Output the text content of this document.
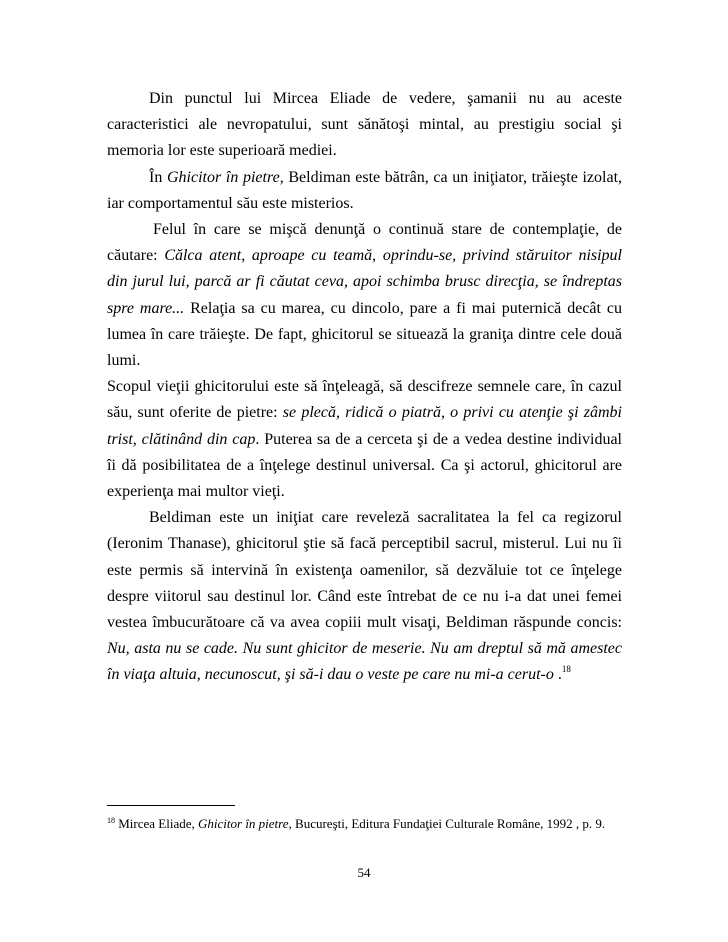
Din punctul lui Mircea Eliade de vedere, şamanii nu au aceste caracteristici ale nevropatului, sunt sănătoşi mintal, au prestigiu social şi memoria lor este superioară mediei.

În Ghicitor în pietre, Beldiman este bătrân, ca un iniţiator, trăieşte izolat, iar comportamentul său este misterios.

Felul în care se mişcă denunţă o continuă stare de contemplaţie, de căutare: Călca atent, aproape cu teamă, oprindu-se, privind stăruitor nisipul din jurul lui, parcă ar fi căutat ceva, apoi schimba brusc direcţia, se îndreptas spre mare... Relaţia sa cu marea, cu dincolo, pare a fi mai puternică decât cu lumea în care trăieşte. De fapt, ghicitorul se situează la graniţa dintre cele două lumi.

Scopul vieţii ghicitorului este să înţeleagă, să descifreze semnele care, în cazul său, sunt oferite de pietre: se plecă, ridică o piatră, o privi cu atenţie şi zâmbi trist, clătinând din cap. Puterea sa de a cerceta şi de a vedea destine individual îi dă posibilitatea de a înţelege destinul universal. Ca şi actorul, ghicitorul are experienţa mai multor vieţi.

Beldiman este un iniţiat care reveleză sacralitatea la fel ca regizorul (Ieronim Thanase), ghicitorul ştie să facă perceptibil sacrul, misterul. Lui nu îi este permis să intervină în existenţa oamenilor, să dezvăluie tot ce înţelege despre viitorul sau destinul lor. Când este întrebat de ce nu i-a dat unei femei vestea îmbucurătoare că va avea copiii mult visaţi, Beldiman răspunde concis: Nu, asta nu se cade. Nu sunt ghicitor de meserie. Nu am dreptul să mă amestec în viaţa altuia, necunoscut, şi să-i dau o veste pe care nu mi-a cerut-o .$^{18}$

$^{18}$ Mircea Eliade, Ghicitor în pietre, Bucureşti, Editura Fundaţiei Culturale Române, 1992 , p. 9.
54
